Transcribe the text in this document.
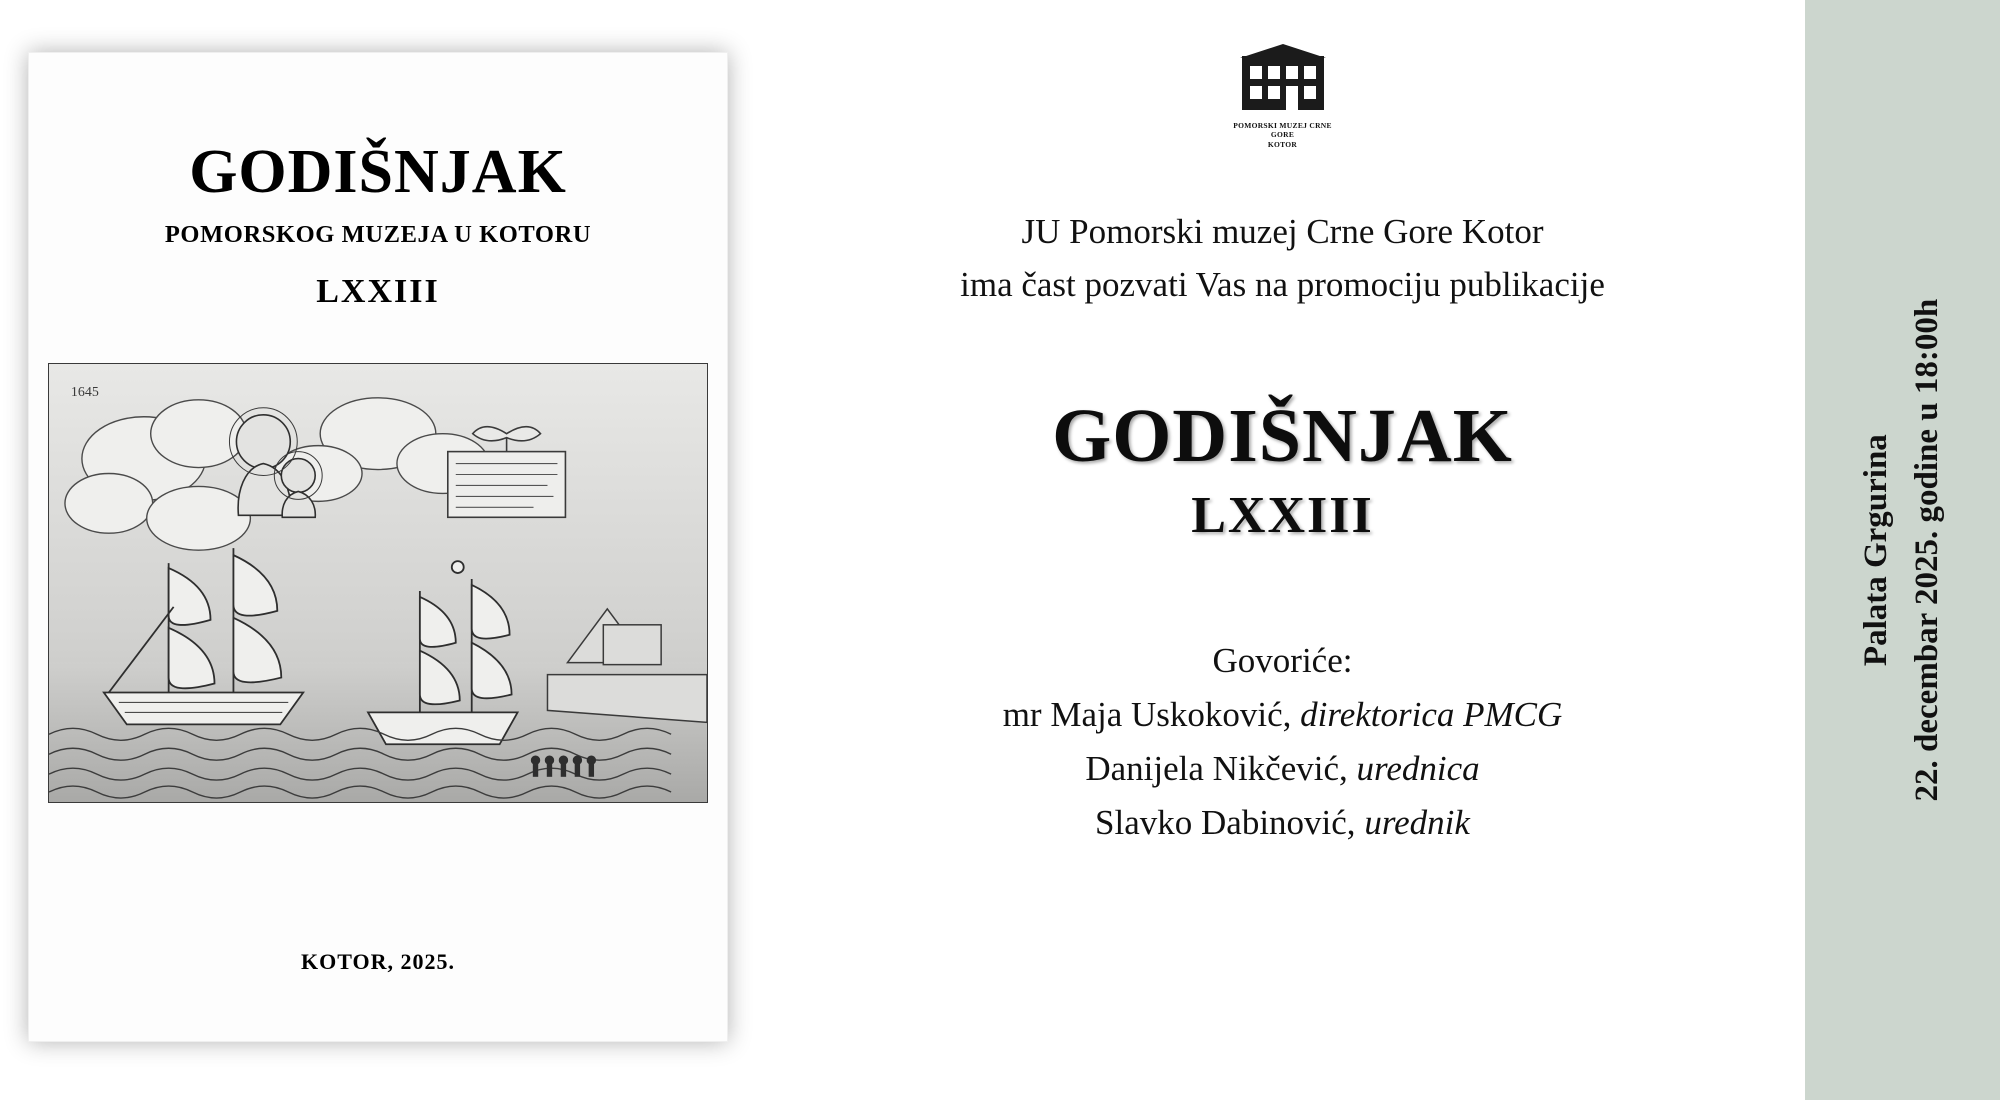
GODIŠNJAK
POMORSKOG MUZEJA U KOTORU
LXXIII
1645
KOTOR, 2025.
POMORSKI MUZEJ CRNE GORE
KOTOR
JU Pomorski muzej Crne Gore Kotor
ima čast pozvati Vas na promociju publikacije
GODIŠNJAK
LXXIII
Govoriće:
mr Maja Uskoković, direktorica PMCG
Danijela Nikčević, urednica
Slavko Dabinović, urednik
Palata Grgurina 22. decembar 2025. godine u 18:00h
